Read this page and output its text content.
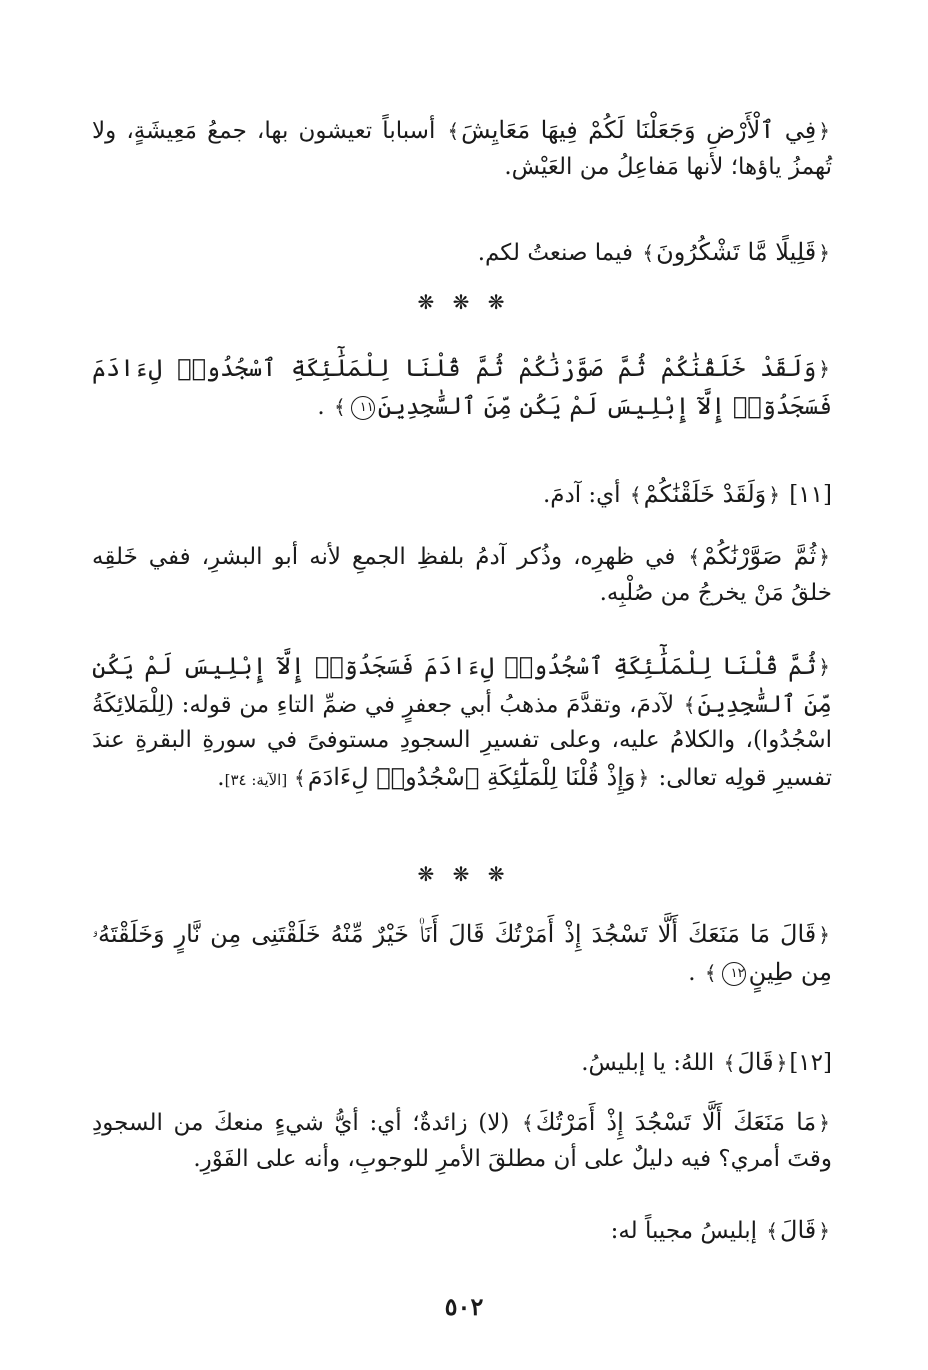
﴿فِي ٱلْأَرْضِ وَجَعَلْنَا لَكُمْ فِيهَا مَعَايِشَ﴾ أسباباً تعيشون بها، جمعُ مَعِيشَةٍ، ولا تُهمزُ ياؤها؛ لأنها مَفاعِلُ من العَيْش.

﴿قَلِيلًا مَّا تَشْكُرُونَ﴾ فيما صنعتُ لكم.

❋ ❋ ❋

﴿وَلَقَدْ خَلَقْنَٰكُمْ ثُمَّ صَوَّرْنَٰكُمْ ثُمَّ قُلْنَا لِلْمَلَٰٓئِكَةِ ٱسْجُدُوا۟ لِءَادَمَ فَسَجَدُوٓا۟ إِلَّآ إِبْلِيسَ لَمْ يَكُن مِّنَ ٱلسَّٰجِدِينَ١١﴾ .

[١١] ﴿وَلَقَدْ خَلَقْنَٰكُمْ﴾ أي: آدمَ.

﴿ثُمَّ صَوَّرْنَٰكُمْ﴾ في ظهرِه، وذُكر آدمُ بلفظِ الجمعِ لأنه أبو البشرِ، ففي خَلقِه خلقُ مَنْ يخرجُ من صُلْبِه.

﴿ثُمَّ قُلْنَا لِلْمَلَٰٓئِكَةِ ٱسْجُدُوا۟ لِءَادَمَ فَسَجَدُوٓا۟ إِلَّآ إِبْلِيسَ لَمْ يَكُن مِّنَ ٱلسَّٰجِدِينَ﴾ لآدمَ، وتقدَّمَ مذهبُ أبي جعفرٍ في ضمِّ التاءِ من قوله: (لِلْمَلائِكَةُ اسْجُدُوا)، والكلامُ عليه، وعلى تفسيرِ السجودِ مستوفىً في سورةِ البقرةِ عندَ تفسيرِ قولِه تعالى: ﴿وَإِذْ قُلْنَا لِلْمَلَٰٓئِكَةِ ٱسْجُدُوا۟ لِءَادَمَ﴾ [الآية: ٣٤].

❋ ❋ ❋

﴿قَالَ مَا مَنَعَكَ أَلَّا تَسْجُدَ إِذْ أَمَرْتُكَ قَالَ أَنَا۠ خَيْرٌ مِّنْهُ خَلَقْتَنِى مِن نَّارٍ وَخَلَقْتَهُۥ مِن طِينٍ١٢﴾ .

[١٢]﴿قَالَ﴾ اللهُ: يا إبليسُ.

﴿مَا مَنَعَكَ أَلَّا تَسْجُدَ إِذْ أَمَرْتُكَ﴾ (لا) زائدةٌ؛ أي: أيُّ شيءٍ منعكَ من السجودِ وقتَ أمري؟ فيه دليلٌ على أن مطلقَ الأمرِ للوجوبِ، وأنه على الفَوْرِ.

﴿قَالَ﴾ إبليسُ مجيباً له:

٥٠٢
